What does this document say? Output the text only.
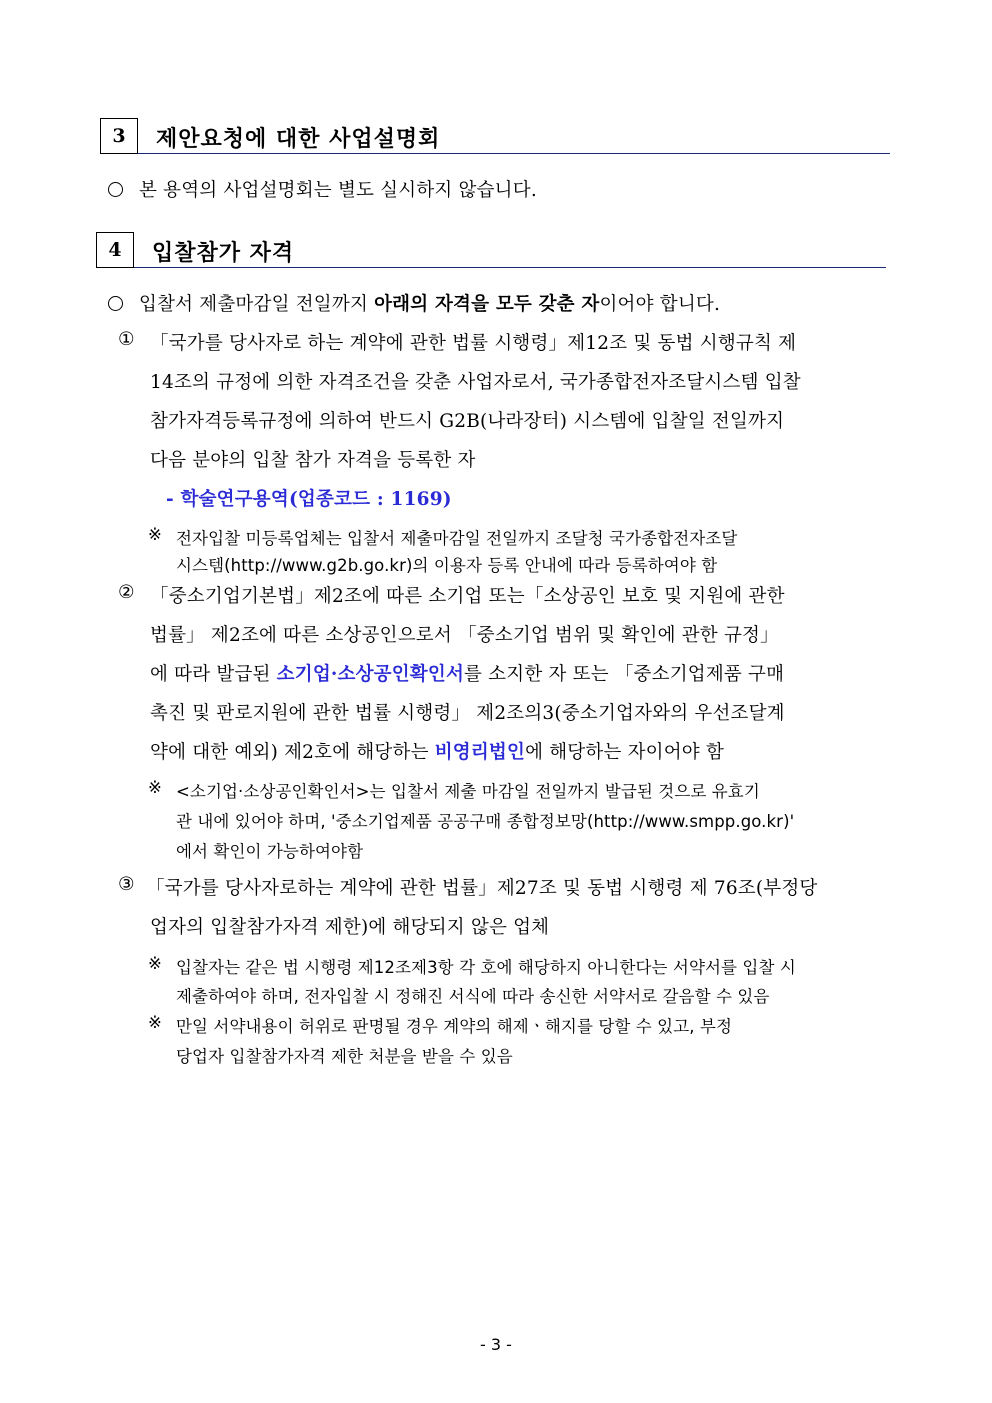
3	제안요청에 대한 사업설명회
본 용역의 사업설명회는 별도 실시하지 않습니다.
4	입찰참가 자격
입찰서 제출마감일 전일까지 아래의 자격을 모두 갖춘 자이어야 합니다.
① 「국가를 당사자로 하는 계약에 관한 법률 시행령」제12조 및 동법 시행규칙 제
14조의 규정에 의한 자격조건을 갖춘 사업자로서, 국가종합전자조달시스템 입찰
참가자격등록규정에 의하여 반드시 G2B(나라장터) 시스템에 입찰일 전일까지
다음 분야의 입찰 참가 자격을 등록한 자
- 학술연구용역(업종코드 : 1169)
※ 전자입찰 미등록업체는 입찰서 제출마감일 전일까지 조달청 국가종합전자조달
시스템(http://www.g2b.go.kr)의 이용자 등록 안내에 따라 등록하여야 함
② 「중소기업기본법」제2조에 따른 소기업 또는「소상공인 보호 및 지원에 관한
법률」 제2조에 따른 소상공인으로서 「중소기업 범위 및 확인에 관한 규정」
에 따라 발급된 소기업·소상공인확인서를 소지한 자 또는 「중소기업제품 구매
촉진 및 판로지원에 관한 법률 시행령」 제2조의3(중소기업자와의 우선조달계
약에 대한 예외) 제2호에 해당하는 비영리법인에 해당하는 자이어야 함
※ <소기업·소상공인확인서>는 입찰서 제출 마감일 전일까지 발급된 것으로 유효기
관 내에 있어야 하며, '중소기업제품 공공구매 종합정보망(http://www.smpp.go.kr)'
에서 확인이 가능하여야함
③ 「국가를 당사자로하는 계약에 관한 법률」제27조 및 동법 시행령 제 76조(부정당
업자의 입찰참가자격 제한)에 해당되지 않은 업체
※ 입찰자는 같은 법 시행령 제12조제3항 각 호에 해당하지 아니한다는 서약서를 입찰 시
제출하여야 하며, 전자입찰 시 정해진 서식에 따라 송신한 서약서로 갈음할 수 있음
※ 만일 서약내용이 허위로 판명될 경우 계약의 해제ㆍ해지를 당할 수 있고, 부정
당업자 입찰참가자격 제한 처분을 받을 수 있음
- 3 -
